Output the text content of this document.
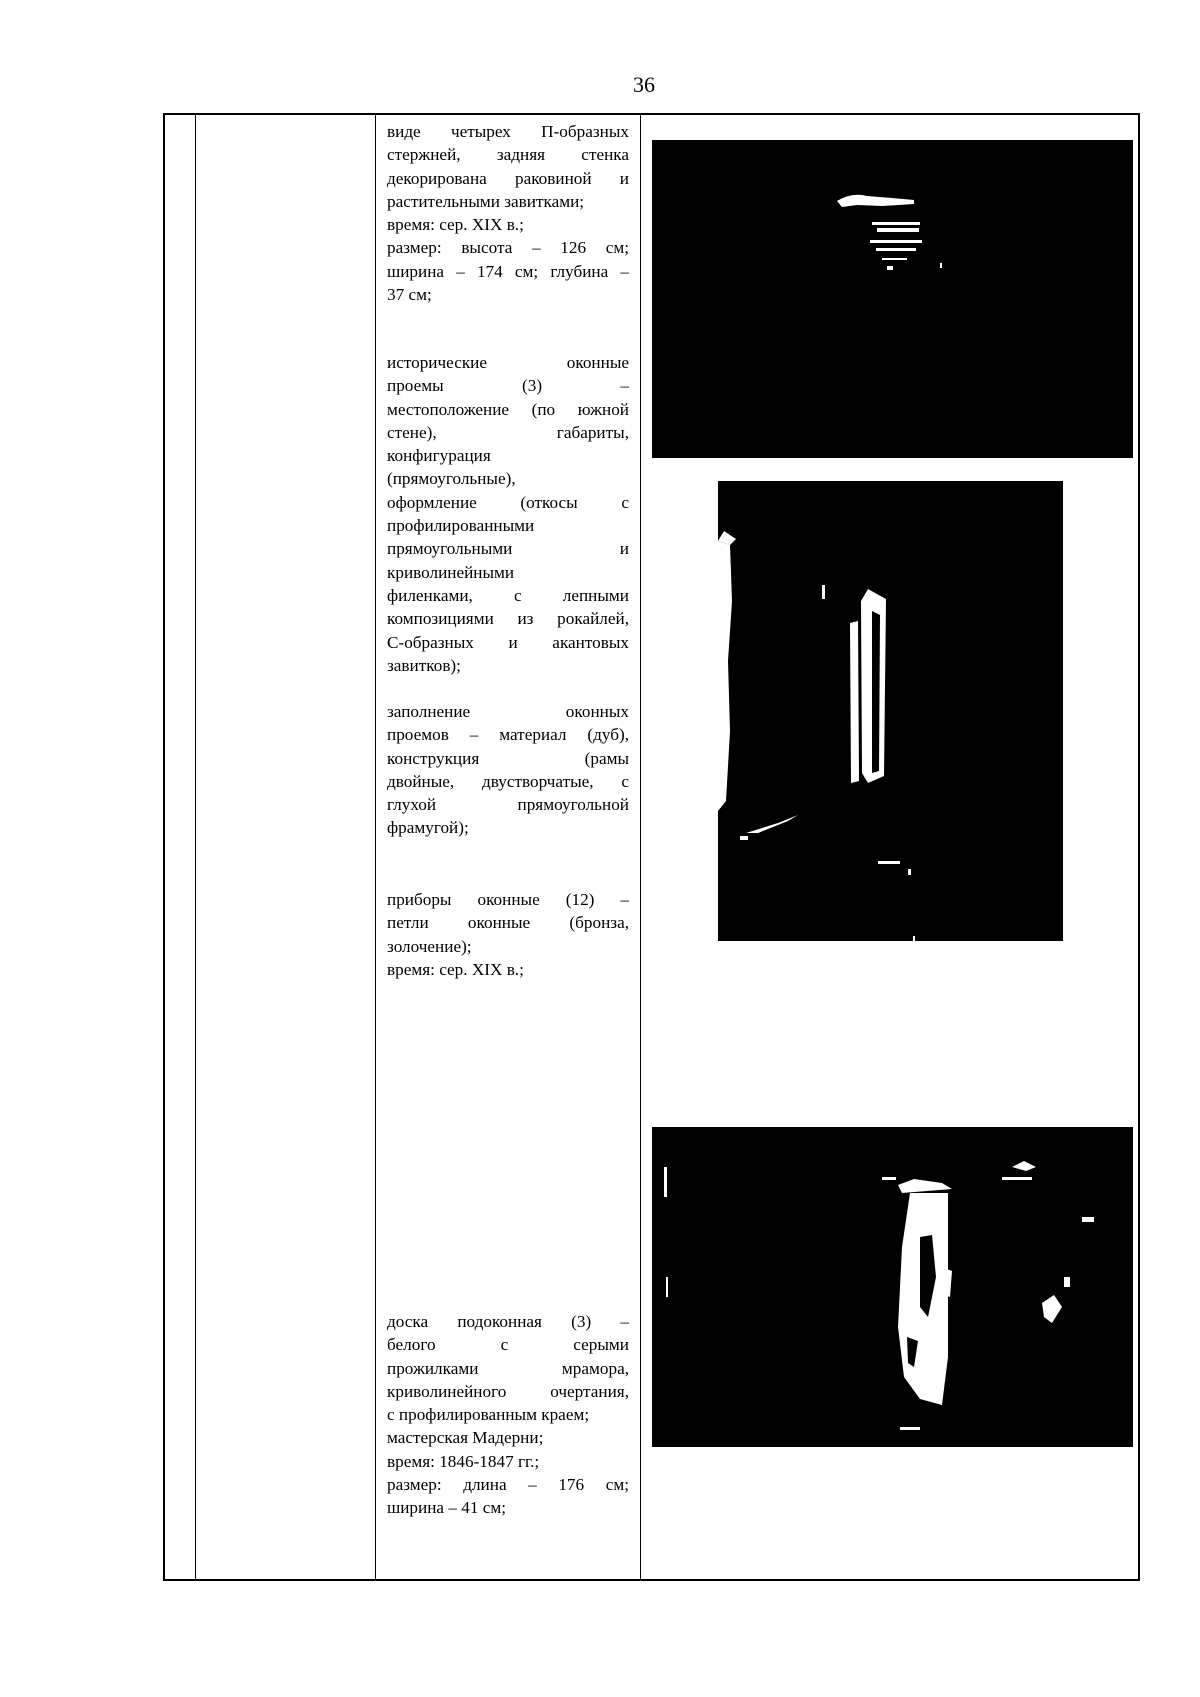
36
виде четырех П-образных
стержней, задняя стенка
декорирована раковиной и
растительными завитками;
время: сер. XIX в.;
размер: высота – 126 см;
ширина – 174 см; глубина –
37 см;
исторические оконные
проемы (3) –
местоположение (по южной
стене), габариты,
конфигурация
(прямоугольные),
оформление (откосы с
профилированными
прямоугольными и
криволинейными
филенками, с лепными
композициями из рокайлей,
С-образных и акантовых
завитков);
заполнение оконных
проемов – материал (дуб),
конструкция (рамы
двойные, двустворчатые, с
глухой прямоугольной
фрамугой);
приборы оконные (12) –
петли оконные (бронза,
золочение);
время: сер. XIX в.;
доска подоконная (3) –
белого с серыми
прожилками мрамора,
криволинейного очертания,
с профилированным краем;
мастерская Мадерни;
время: 1846-1847 гг.;
размер: длина – 176 см;
ширина – 41 см;
